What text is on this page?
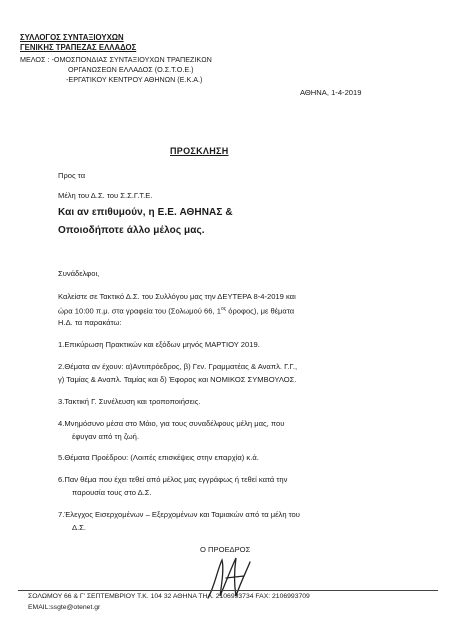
ΣΥΛΛΟΓΟΣ ΣΥΝΤΑΞΙΟΥΧΩΝ
ΓΕΝΙΚΗΣ ΤΡΑΠΕΖΑΣ ΕΛΛΑΔΟΣ
ΜΕΛΟΣ : -ΟΜΟΣΠΟΝΔΙΑΣ ΣΥΝΤΑΞΙΟΥΧΩΝ ΤΡΑΠΕΖΙΚΩΝ
ΟΡΓΑΝΩΣΕΩΝ ΕΛΛΑΔΟΣ (Ο.Σ.Τ.Ο.Ε.)
-ΕΡΓΑΤΙΚΟΥ ΚΕΝΤΡΟΥ ΑΘΗΝΩΝ (Ε.Κ.Α.)
ΑΘΗΝΑ, 1-4-2019
ΠΡΟΣΚΛΗΣΗ
Προς τα
Μέλη του Δ.Σ. του Σ.Σ.Γ.Τ.Ε.
Και αν επιθυμούν, η Ε.Ε. ΑΘΗΝΑΣ &
Οποιοδήποτε άλλο μέλος μας.
Συνάδελφοι,
Καλείστε σε Τακτικό Δ.Σ. του Συλλόγου μας την ΔΕΥΤΕΡΑ 8-4-2019 και
ώρα 10:00 π.μ. στα γραφεία του (Σολωμού 66, $1^{o\varsigma}$ όροφος), με θέματα
Η.Δ. τα παρακάτω:
1.Επικύρωση Πρακτικών και εξόδων μηνός ΜΑΡΤΙΟΥ 2019.
2.Θέματα αν έχουν: α)Αντιπρόεδρος, β) Γεν. Γραμματέας & Αναπλ. Γ.Γ.,
γ) Ταμίας & Αναπλ. Ταμίας και δ) Έφορος και ΝΟΜΙΚΟΣ ΣΥΜΒΟΥΛΟΣ.
3.Τακτική Γ. Συνέλευση και τροποποιήσεις.
4.Μνημόσυνο μέσα στο Μάιο, για τους συναδέλφους μέλη μας, που
έφυγαν από τη ζωή.
5.Θέματα Προέδρου: (Λοιπές επισκέψεις στην επαρχία) κ.ά.
6.Παν θέμα που έχει τεθεί από μέλος μας εγγράφως ή τεθεί κατά την
παρουσία τους στο Δ.Σ.
7.Έλεγχος Εισερχομένων – Εξερχομένων και Ταμιακών από τα μέλη του
Δ.Σ.
Ο ΠΡΟΕΔΡΟΣ
ΣΟΛΩΜΟΥ 66 & Γ' ΣΕΠΤΕΜΒΡΙΟΥ Τ.Κ. 104 32 ΑΘΗΝΑ ΤΗΛ. 2106993734 FAX: 2106993709
EMAIL:ssgte@otenet.gr
